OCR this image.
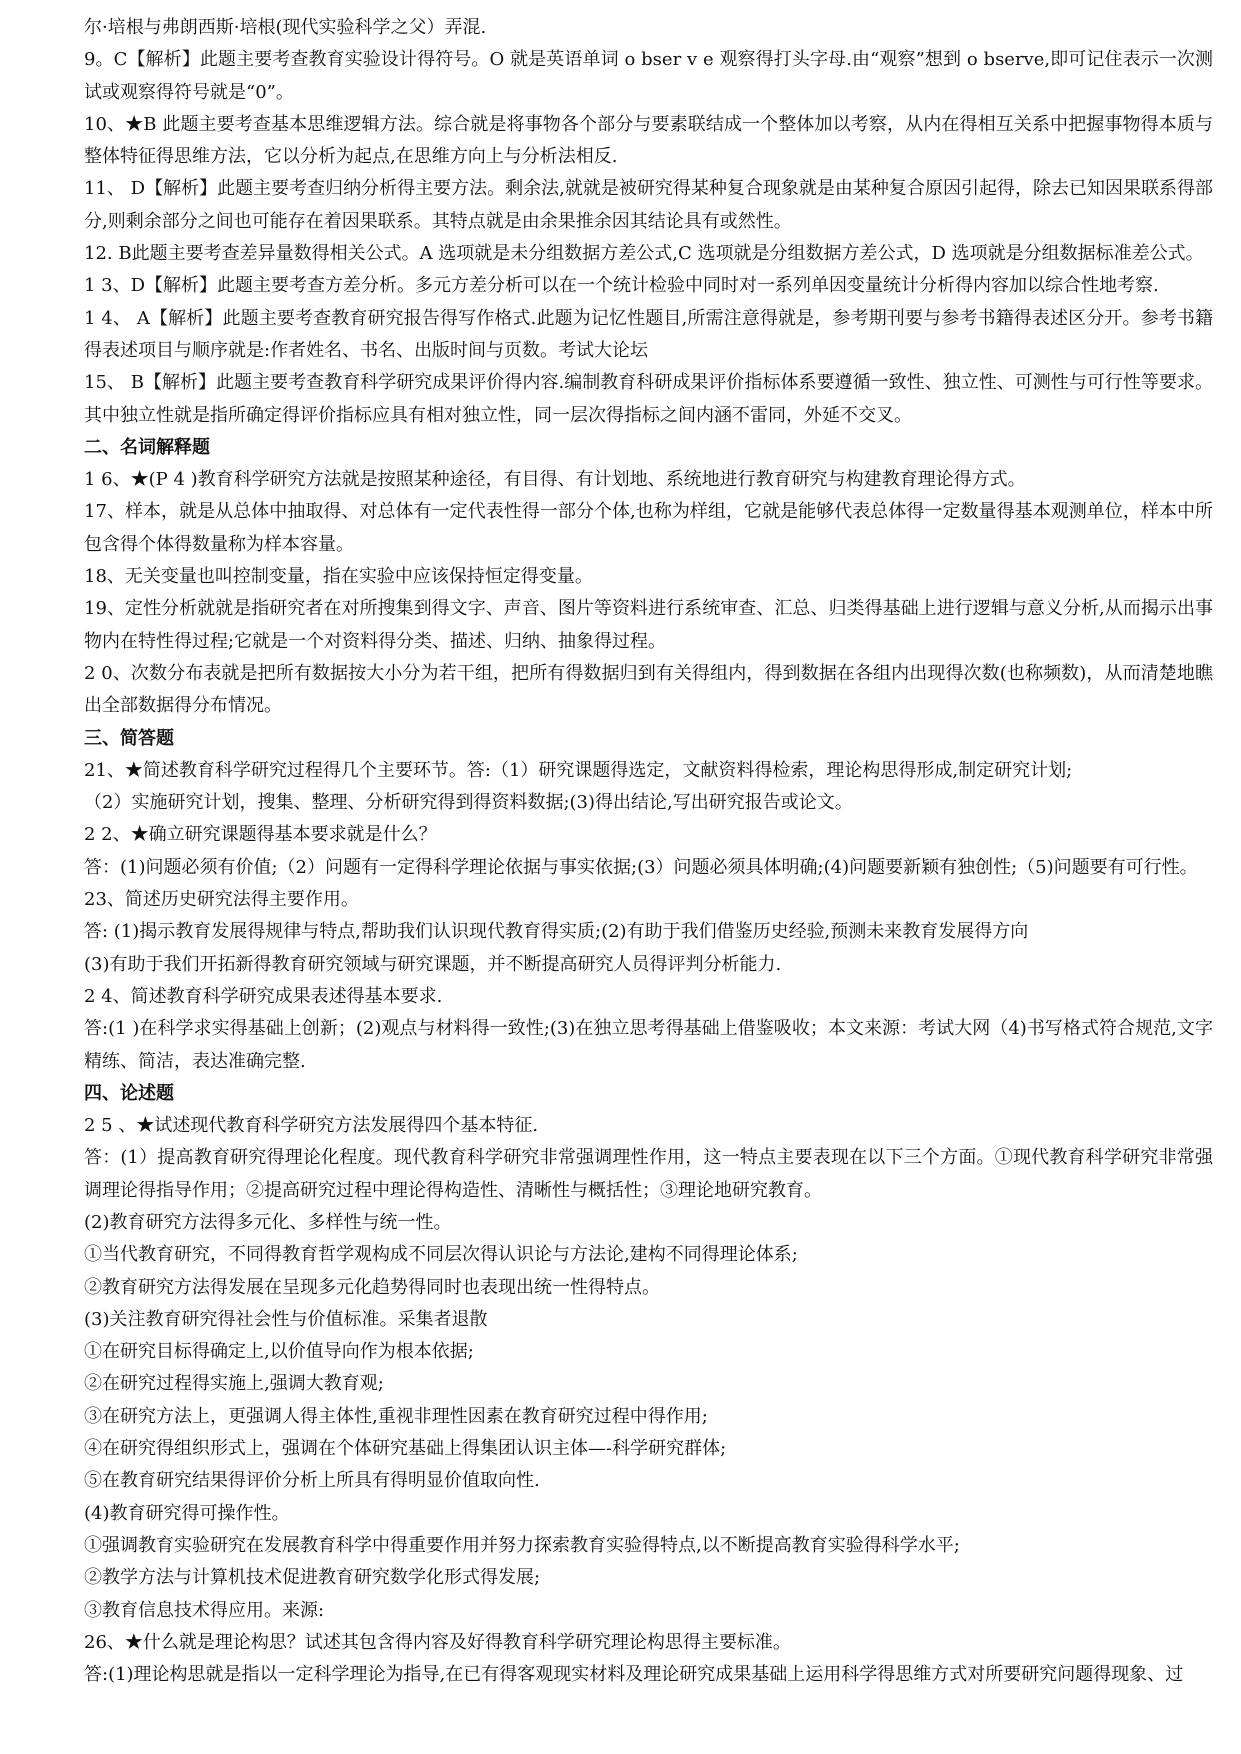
尔·培根与弗朗西斯·培根(现代实验科学之父）弄混.
9。C【解析】此题主要考查教育实验设计得符号。O 就是英语单词 o bser v e 观察得打头字母.由“观察”想到 o bserve,即可记住表示一次测试或观察得符号就是“0”。
10、★B 此题主要考查基本思维逻辑方法。综合就是将事物各个部分与要素联结成一个整体加以考察，从内在得相互关系中把握事物得本质与整体特征得思维方法，它以分析为起点,在思维方向上与分析法相反.
11、 D【解析】此题主要考查归纳分析得主要方法。剩余法,就就是被研究得某种复合现象就是由某种复合原因引起得，除去已知因果联系得部分,则剩余部分之间也可能存在着因果联系。其特点就是由余果推余因其结论具有或然性。
12. B此题主要考查差异量数得相关公式。A 选项就是未分组数据方差公式,C 选项就是分组数据方差公式，D 选项就是分组数据标准差公式。
1 3、D【解析】此题主要考查方差分析。多元方差分析可以在一个统计检验中同时对一系列单因变量统计分析得内容加以综合性地考察.
1 4、 A【解析】此题主要考查教育研究报告得写作格式.此题为记忆性题目,所需注意得就是，参考期刊要与参考书籍得表述区分开。参考书籍得表述项目与顺序就是:作者姓名、书名、出版时间与页数。考试大论坛
15、 B【解析】此题主要考查教育科学研究成果评价得内容.编制教育科研成果评价指标体系要遵循一致性、独立性、可测性与可行性等要求。其中独立性就是指所确定得评价指标应具有相对独立性，同一层次得指标之间内涵不雷同，外延不交叉。
二、名词解释题
1 6、★(P 4 )教育科学研究方法就是按照某种途径，有目得、有计划地、系统地进行教育研究与构建教育理论得方式。
17、样本，就是从总体中抽取得、对总体有一定代表性得一部分个体,也称为样组，它就是能够代表总体得一定数量得基本观测单位，样本中所包含得个体得数量称为样本容量。
18、无关变量也叫控制变量，指在实验中应该保持恒定得变量。
19、定性分析就就是指研究者在对所搜集到得文字、声音、图片等资料进行系统审查、汇总、归类得基础上进行逻辑与意义分析,从而揭示出事物内在特性得过程;它就是一个对资料得分类、描述、归纳、抽象得过程。
2 0、次数分布表就是把所有数据按大小分为若干组，把所有得数据归到有关得组内，得到数据在各组内出现得次数(也称频数)，从而清楚地瞧出全部数据得分布情况。
三、简答题
21、★简述教育科学研究过程得几个主要环节。答:（1）研究课题得选定，文献资料得检索，理论构思得形成,制定研究计划;
（2）实施研究计划，搜集、整理、分析研究得到得资料数据;(3)得出结论,写出研究报告或论文。
2 2、★确立研究课题得基本要求就是什么？
答：(1)问题必须有价值;（2）问题有一定得科学理论依据与事实依据;(3）问题必须具体明确;(4)问题要新颖有独创性;（5)问题要有可行性。
23、简述历史研究法得主要作用。
答: (1)揭示教育发展得规律与特点,帮助我们认识现代教育得实质;(2)有助于我们借鉴历史经验,预测未来教育发展得方向
(3)有助于我们开拓新得教育研究领域与研究课题，并不断提高研究人员得评判分析能力.
2 4、简述教育科学研究成果表述得基本要求.
答:(1 )在科学求实得基础上创新；(2)观点与材料得一致性;(3)在独立思考得基础上借鉴吸收；本文来源：考试大网（4)书写格式符合规范,文字精练、简洁，表达准确完整.
四、论述题
2 5 、★试述现代教育科学研究方法发展得四个基本特征.
答：(1）提高教育研究得理论化程度。现代教育科学研究非常强调理性作用，这一特点主要表现在以下三个方面。①现代教育科学研究非常强调理论得指导作用；②提高研究过程中理论得构造性、清晰性与概括性；③理论地研究教育。
(2)教育研究方法得多元化、多样性与统一性。
①当代教育研究，不同得教育哲学观构成不同层次得认识论与方法论,建构不同得理论体系;
②教育研究方法得发展在呈现多元化趋势得同时也表现出统一性得特点。
(3)关注教育研究得社会性与价值标准。采集者退散
①在研究目标得确定上,以价值导向作为根本依据;
②在研究过程得实施上,强调大教育观;
③在研究方法上，更强调人得主体性,重视非理性因素在教育研究过程中得作用;
④在研究得组织形式上，强调在个体研究基础上得集团认识主体—-科学研究群体;
⑤在教育研究结果得评价分析上所具有得明显价值取向性.
(4)教育研究得可操作性。
①强调教育实验研究在发展教育科学中得重要作用并努力探索教育实验得特点,以不断提高教育实验得科学水平;
②教学方法与计算机技术促进教育研究数学化形式得发展;
③教育信息技术得应用。来源:
26、★什么就是理论构思？试述其包含得内容及好得教育科学研究理论构思得主要标准。
答:(1)理论构思就是指以一定科学理论为指导,在已有得客观现实材料及理论研究成果基础上运用科学得思维方式对所要研究问题得现象、过
